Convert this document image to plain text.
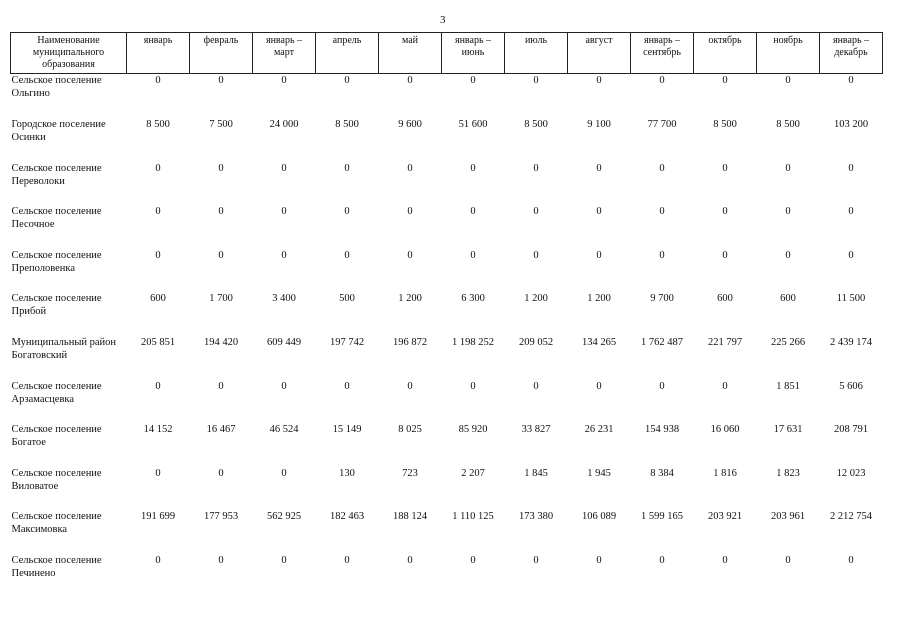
3
Наименование муниципального образования	январь	февраль	январь – март	апрель	май	январь – июнь	июль	август	январь – сентябрь	октябрь	ноябрь	январь – декабрь
Сельское поселение Ольгино	0	0	0	0	0	0	0	0	0	0	0	0
Городское поселение Осинки	8 500	7 500	24 000	8 500	9 600	51 600	8 500	9 100	77 700	8 500	8 500	103 200
Сельское поселение Переволоки	0	0	0	0	0	0	0	0	0	0	0	0
Сельское поселение Песочное	0	0	0	0	0	0	0	0	0	0	0	0
Сельское поселение Преполовенка	0	0	0	0	0	0	0	0	0	0	0	0
Сельское поселение Прибой	600	1 700	3 400	500	1 200	6 300	1 200	1 200	9 700	600	600	11 500
Муниципальный район Богатовский	205 851	194 420	609 449	197 742	196 872	1 198 252	209 052	134 265	1 762 487	221 797	225 266	2 439 174
Сельское поселение Арзамасцевка	0	0	0	0	0	0	0	0	0	0	1 851	5 606
Сельское поселение Богатое	14 152	16 467	46 524	15 149	8 025	85 920	33 827	26 231	154 938	16 060	17 631	208 791
Сельское поселение Виловатое	0	0	0	130	723	2 207	1 845	1 945	8 384	1 816	1 823	12 023
Сельское поселение Максимовка	191 699	177 953	562 925	182 463	188 124	1 110 125	173 380	106 089	1 599 165	203 921	203 961	2 212 754
Сельское поселение Печинено	0	0	0	0	0	0	0	0	0	0	0	0
